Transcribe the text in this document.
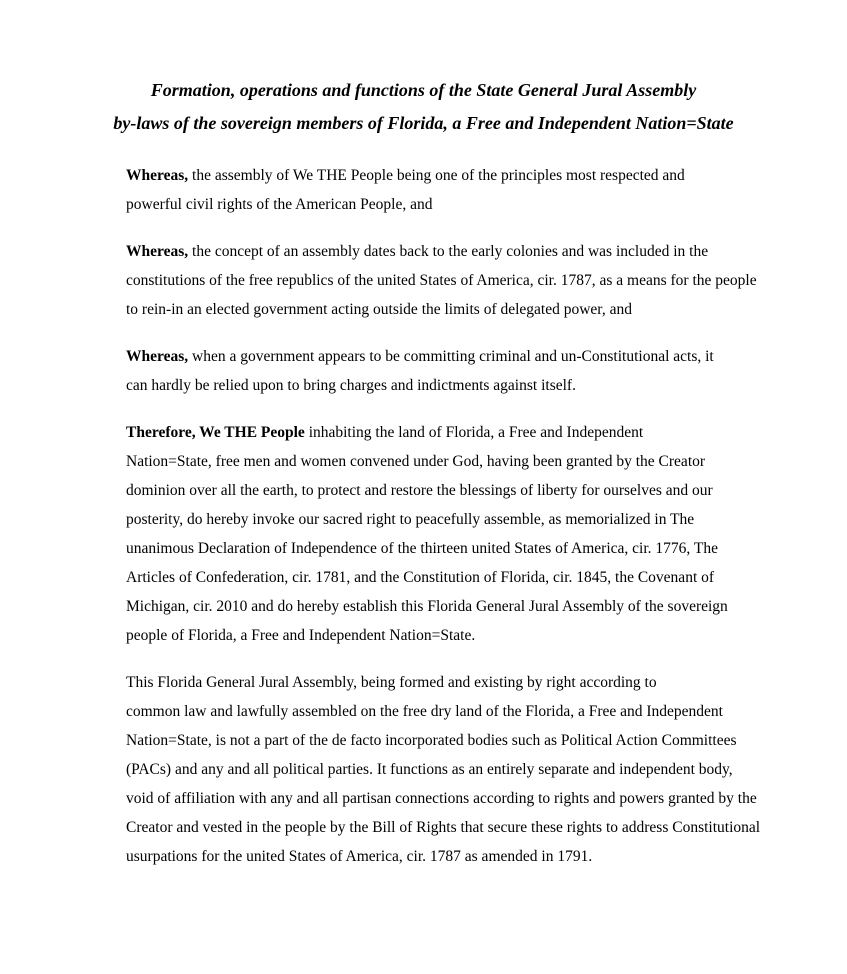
Formation, operations and functions of the State General Jural Assembly
by-laws of the sovereign members of Florida, a Free and Independent Nation=State

Whereas, the assembly of We THE People being one of the principles most respected and
powerful civil rights of the American People, and

Whereas, the concept of an assembly dates back to the early colonies and was included in the
constitutions of the free republics of the united States of America, cir. 1787, as a means for the people
to rein-in an elected government acting outside the limits of delegated power, and

Whereas, when a government appears to be committing criminal and un-Constitutional acts, it
can hardly be relied upon to bring charges and indictments against itself.

Therefore, We THE People inhabiting the land of Florida, a Free and Independent
Nation=State, free men and women convened under God, having been granted by the Creator
dominion over all the earth, to protect and restore the blessings of liberty for ourselves and our
posterity, do hereby invoke our sacred right to peacefully assemble, as memorialized in The
unanimous Declaration of Independence of the thirteen united States of America, cir. 1776, The
Articles of Confederation, cir. 1781, and the Constitution of Florida, cir. 1845, the Covenant of
Michigan, cir. 2010 and do hereby establish this Florida General Jural Assembly of the sovereign
people of Florida, a Free and Independent Nation=State.

This Florida General Jural Assembly, being formed and existing by right according to
common law and lawfully assembled on the free dry land of the Florida, a Free and Independent
Nation=State, is not a part of the de facto incorporated bodies such as Political Action Committees
(PACs) and any and all political parties. It functions as an entirely separate and independent body,
void of affiliation with any and all partisan connections according to rights and powers granted by the
Creator and vested in the people by the Bill of Rights that secure these rights to address Constitutional
usurpations for the united States of America, cir. 1787 as amended in 1791.
